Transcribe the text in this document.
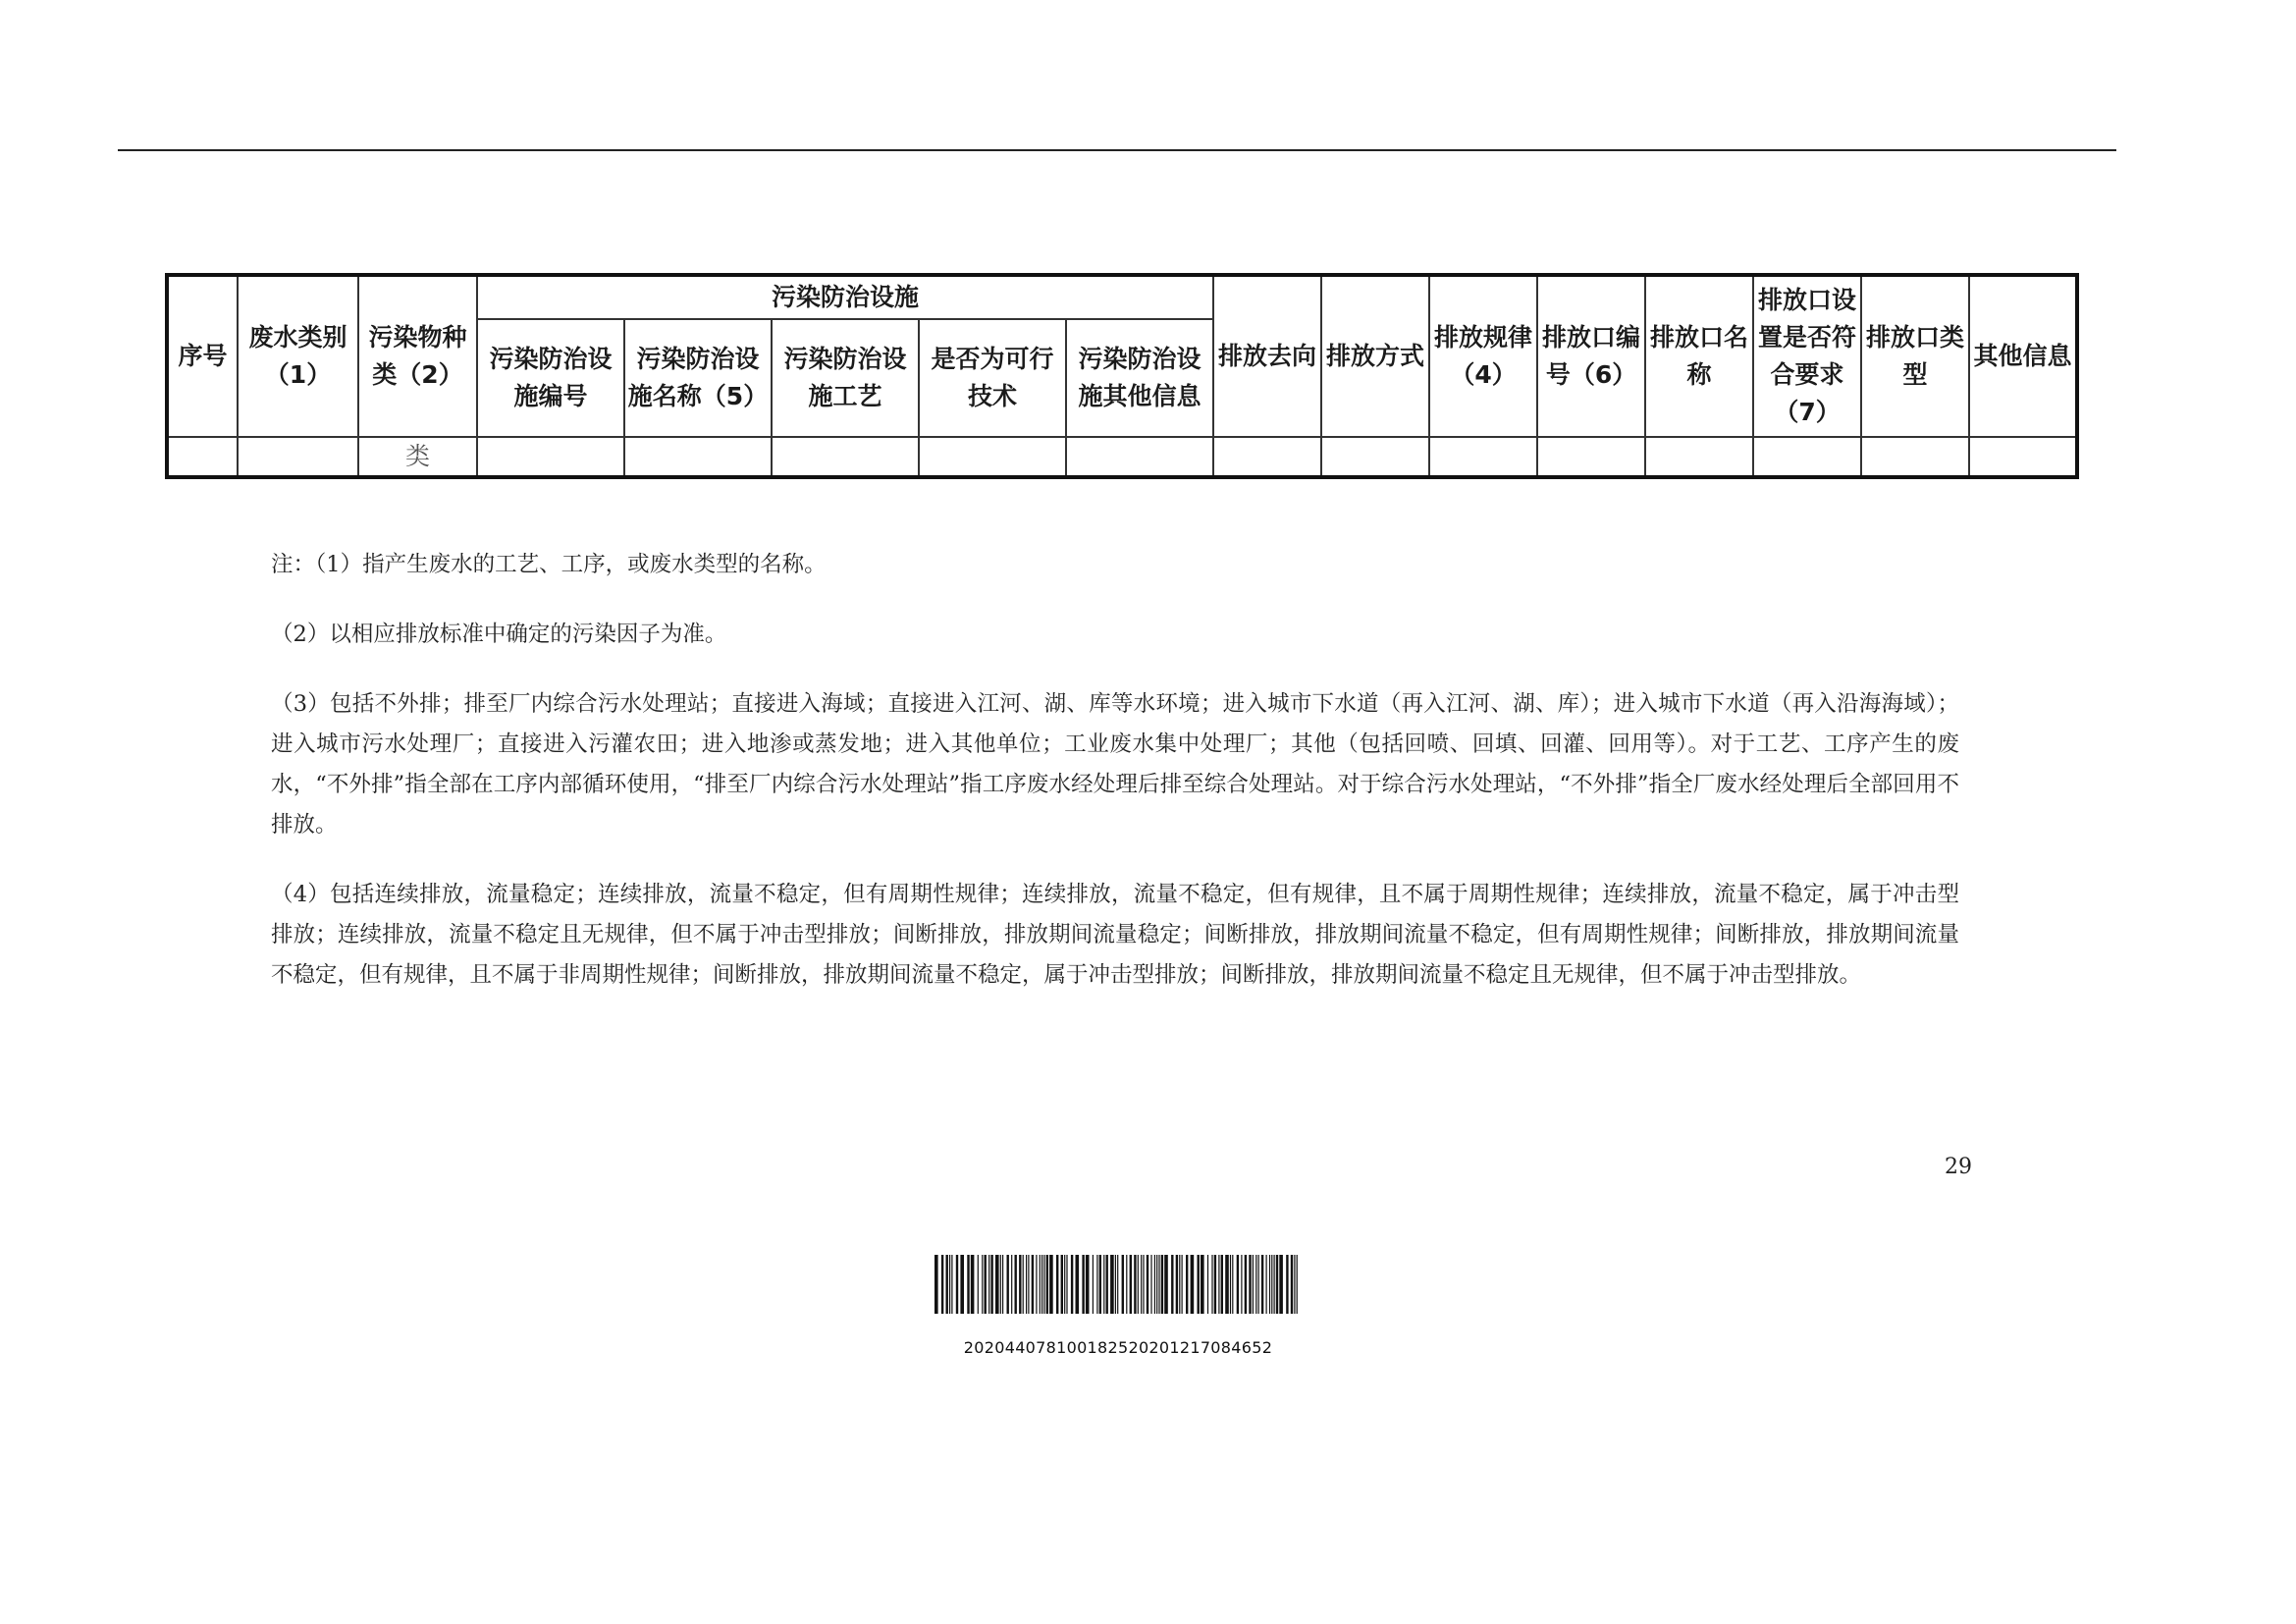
序号	废水类别（1）	污染物种类（2）	污染防治设施					排放去向	排放方式	排放规律（4）	排放口编号（6）	排放口名称	排放口设置是否符合要求（7）	排放口类型	其他信息
			污染防治设施编号	污染防治设施名称（5）	污染防治设施工艺	是否为可行技术	污染防治设施其他信息								
		类													

注：（1）指产生废水的工艺、工序，或废水类型的名称。

（2）以相应排放标准中确定的污染因子为准。

（3）包括不外排；排至厂内综合污水处理站；直接进入海域；直接进入江河、湖、库等水环境；进入城市下水道（再入江河、湖、库）；进入城市下水道（再入沿海海域）；进入城市污水处理厂；直接进入污灌农田；进入地渗或蒸发地；进入其他单位；工业废水集中处理厂；其他（包括回喷、回填、回灌、回用等）。对于工艺、工序产生的废水，“不外排”指全部在工序内部循环使用，“排至厂内综合污水处理站”指工序废水经处理后排至综合处理站。对于综合污水处理站，“不外排”指全厂废水经处理后全部回用不排放。

（4）包括连续排放，流量稳定；连续排放，流量不稳定，但有周期性规律；连续排放，流量不稳定，但有规律，且不属于周期性规律；连续排放，流量不稳定，属于冲击型排放；连续排放，流量不稳定且无规律，但不属于冲击型排放；间断排放，排放期间流量稳定；间断排放，排放期间流量不稳定，但有周期性规律；间断排放，排放期间流量不稳定，但有规律，且不属于非周期性规律；间断排放，排放期间流量不稳定，属于冲击型排放；间断排放，排放期间流量不稳定且无规律，但不属于冲击型排放。

29
202044078100182520201217084652
